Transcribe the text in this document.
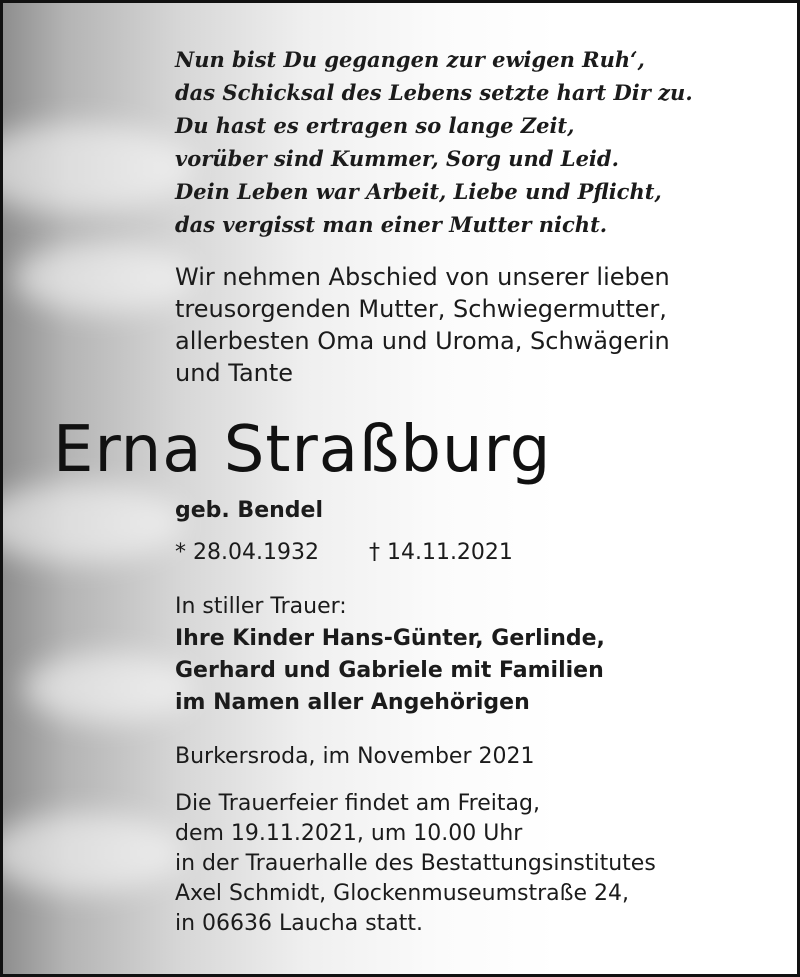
Nun bist Du gegangen zur ewigen Ruh‘,
das Schicksal des Lebens setzte hart Dir zu.
Du hast es ertragen so lange Zeit,
vorüber sind Kummer, Sorg und Leid.
Dein Leben war Arbeit, Liebe und Pflicht,
das vergisst man einer Mutter nicht.
Wir nehmen Abschied von unserer lieben
treusorgenden Mutter, Schwiegermutter,
allerbesten Oma und Uroma, Schwägerin
und Tante
Erna Straßburg
geb. Bendel
* 28.04.1932 † 14.11.2021
In stiller Trauer:
Ihre Kinder Hans-Günter, Gerlinde,
Gerhard und Gabriele mit Familien
im Namen aller Angehörigen
Burkersroda, im November 2021
Die Trauerfeier findet am Freitag,
dem 19.11.2021, um 10.00 Uhr
in der Trauerhalle des Bestattungsinstitutes
Axel Schmidt, Glockenmuseumstraße 24,
in 06636 Laucha statt.
